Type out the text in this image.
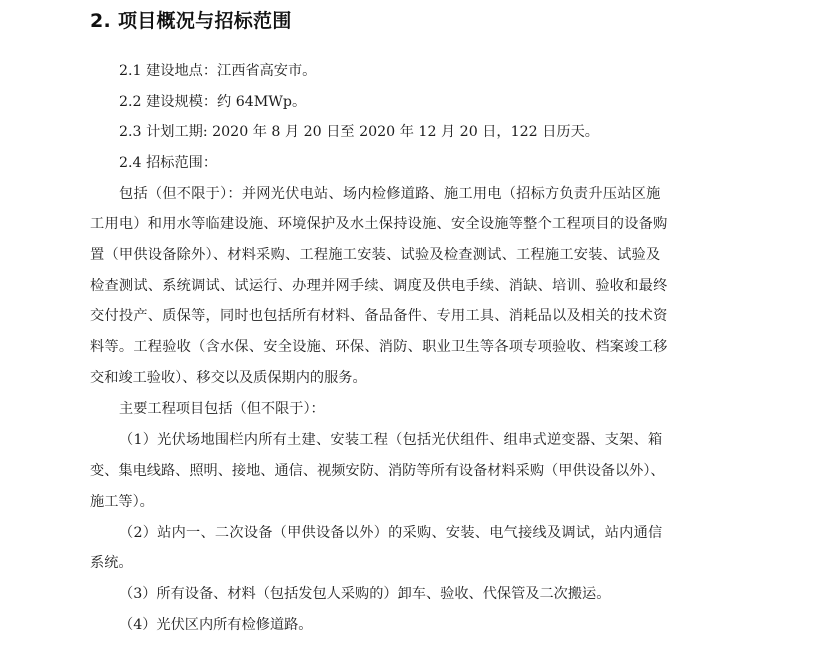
2. 项目概况与招标范围
2.1 建设地点：江西省高安市。
2.2 建设规模：约 64MWp。
2.3 计划工期: 2020 年 8 月 20 日至 2020 年 12 月 20 日，122 日历天。
2.4 招标范围：
包括（但不限于）：并网光伏电站、场内检修道路、施工用电（招标方负责升压站区施
工用电）和用水等临建设施、环境保护及水土保持设施、安全设施等整个工程项目的设备购
置（甲供设备除外）、材料采购、工程施工安装、试验及检查测试、工程施工安装、试验及
检查测试、系统调试、试运行、办理并网手续、调度及供电手续、消缺、培训、验收和最终
交付投产、质保等，同时也包括所有材料、备品备件、专用工具、消耗品以及相关的技术资
料等。工程验收（含水保、安全设施、环保、消防、职业卫生等各项专项验收、档案竣工移
交和竣工验收）、移交以及质保期内的服务。
主要工程项目包括（但不限于）：
（1）光伏场地围栏内所有土建、安装工程（包括光伏组件、组串式逆变器、支架、箱
变、集电线路、照明、接地、通信、视频安防、消防等所有设备材料采购（甲供设备以外）、
施工等）。
（2）站内一、二次设备（甲供设备以外）的采购、安装、电气接线及调试，站内通信
系统。
（3）所有设备、材料（包括发包人采购的）卸车、验收、代保管及二次搬运。
（4）光伏区内所有检修道路。
